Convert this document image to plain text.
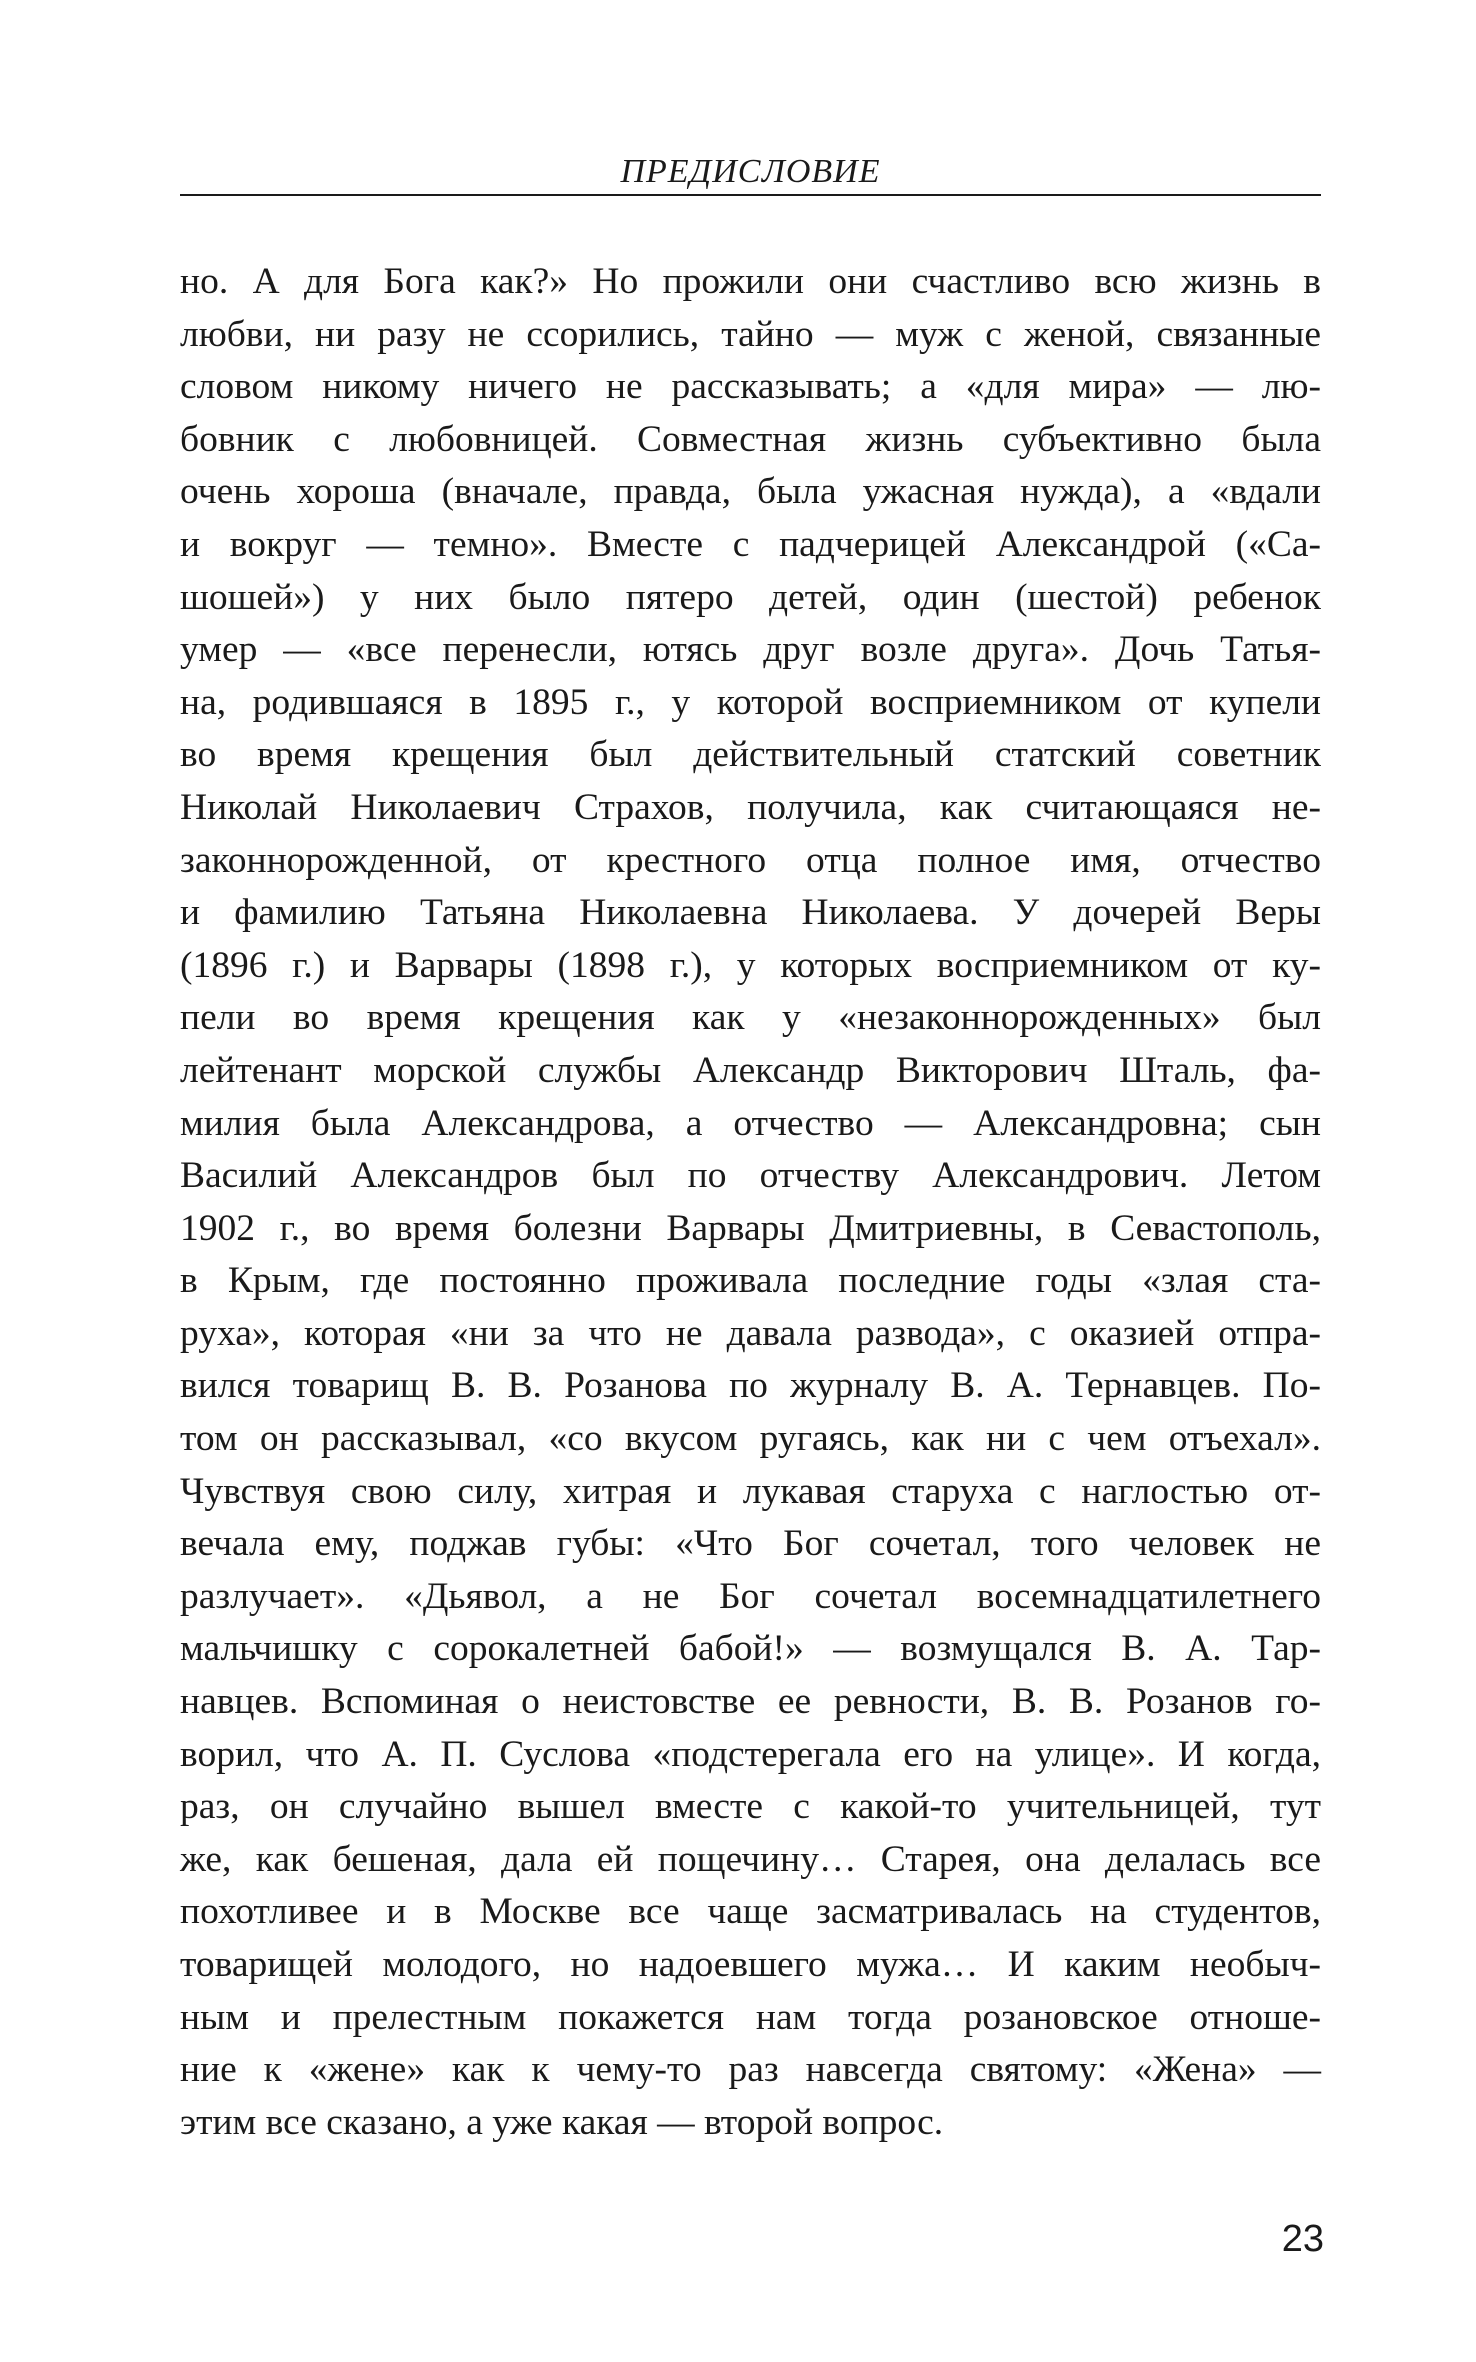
ПРЕДИСЛОВИЕ
но. А для Бога как?» Но прожили они счастливо всю жизнь в
любви, ни разу не ссорились, тайно — муж с женой, связанные
словом никому ничего не рассказывать; а «для мира» — лю-
бовник с любовницей. Совместная жизнь субъективно была
очень хороша (вначале, правда, была ужасная нужда), а «вдали
и вокруг — темно». Вместе с падчерицей Александрой («Са-
шошей») у них было пятеро детей, один (шестой) ребенок
умер — «все перенесли, ютясь друг возле друга». Дочь Татья-
на, родившаяся в 1895 г., у которой восприемником от купели
во время крещения был действительный статский советник
Николай Николаевич Страхов, получила, как считающаяся не-
законнорожденной, от крестного отца полное имя, отчество
и фамилию Татьяна Николаевна Николаева. У дочерей Веры
(1896 г.) и Варвары (1898 г.), у которых восприемником от ку-
пели во время крещения как у «незаконнорожденных» был
лейтенант морской службы Александр Викторович Шталь, фа-
милия была Александрова, а отчество — Александровна; сын
Василий Александров был по отчеству Александрович. Летом
1902 г., во время болезни Варвары Дмитриевны, в Севастополь,
в Крым, где постоянно проживала последние годы «злая ста-
руха», которая «ни за что не давала развода», с оказией отпра-
вился товарищ В. В. Розанова по журналу В. А. Тернавцев. По-
том он рассказывал, «со вкусом ругаясь, как ни с чем отъехал».
Чувствуя свою силу, хитрая и лукавая старуха с наглостью от-
вечала ему, поджав губы: «Что Бог сочетал, того человек не
разлучает». «Дьявол, а не Бог сочетал восемнадцатилетнего
мальчишку с сорокалетней бабой!» — возмущался В. А. Тар-
навцев. Вспоминая о неистовстве ее ревности, В. В. Розанов го-
ворил, что А. П. Суслова «подстерегала его на улице». И когда,
раз, он случайно вышел вместе с какой-то учительницей, тут
же, как бешеная, дала ей пощечину… Старея, она делалась все
похотливее и в Москве все чаще засматривалась на студентов,
товарищей молодого, но надоевшего мужа… И каким необыч-
ным и прелестным покажется нам тогда розановское отноше-
ние к «жене» как к чему-то раз навсегда святому: «Жена» —
этим все сказано, а уже какая — второй вопрос.
23
